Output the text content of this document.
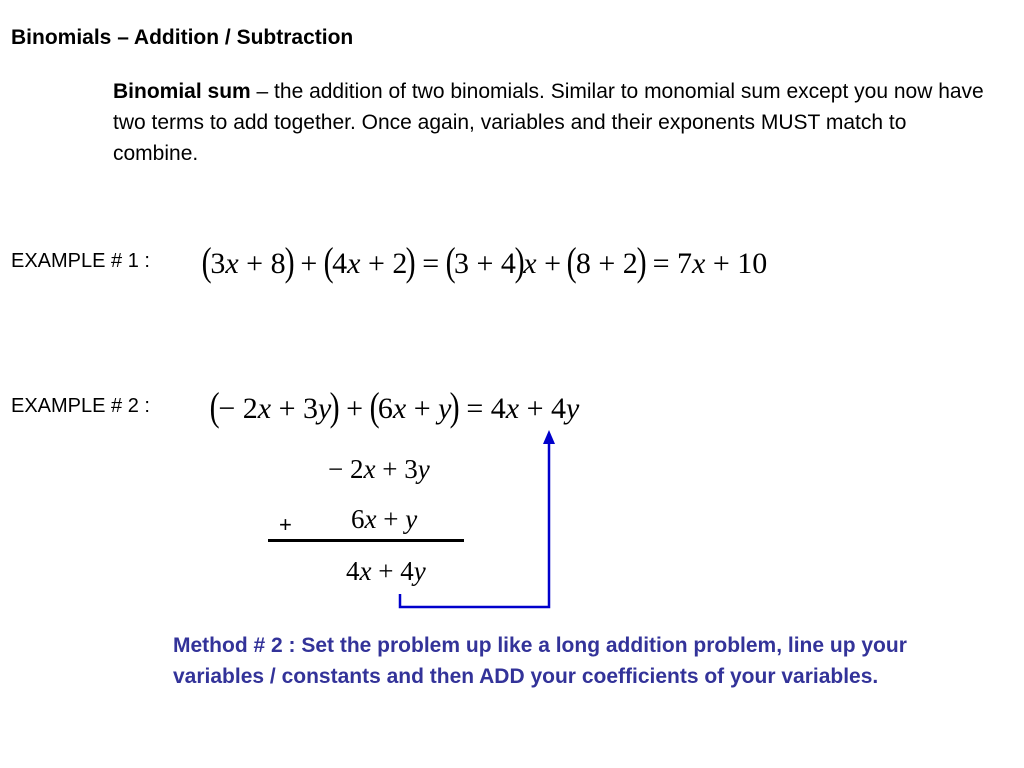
Binomials – Addition / Subtraction
Binomial sum – the addition of two binomials. Similar to monomial sum except you now have two terms to add together. Once again, variables and their exponents MUST match to combine.
EXAMPLE # 1 : (3x + 8) + (4x + 2) = (3 + 4)x + (8 + 2) = 7x + 10
EXAMPLE # 2 : (− 2x + 3y) + (6x + y) = 4x + 4y
− 2x + 3y
6x + y
+
4x + 4y
Method # 2 : Set the problem up like a long addition problem, line up your variables / constants and then ADD your coefficients of your variables.
